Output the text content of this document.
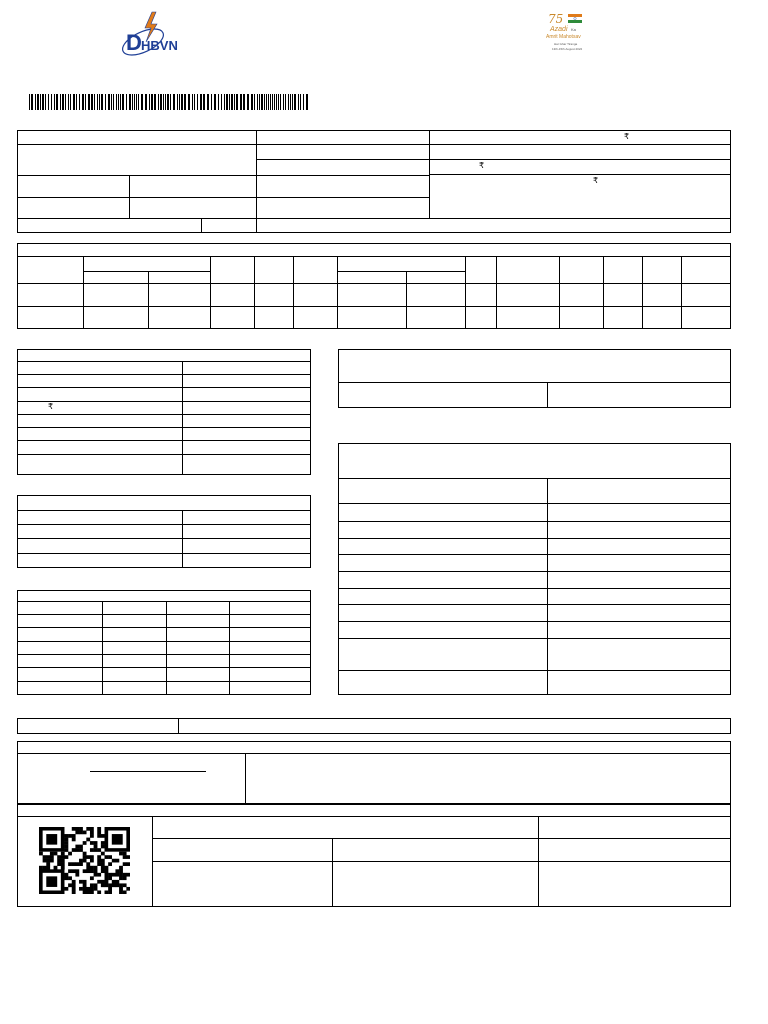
D HBVN
75
Azadi Ka
Amrit Mahotsav
Har Ghar Tiranga
13th-15th August 2022
₹
₹
₹
₹
